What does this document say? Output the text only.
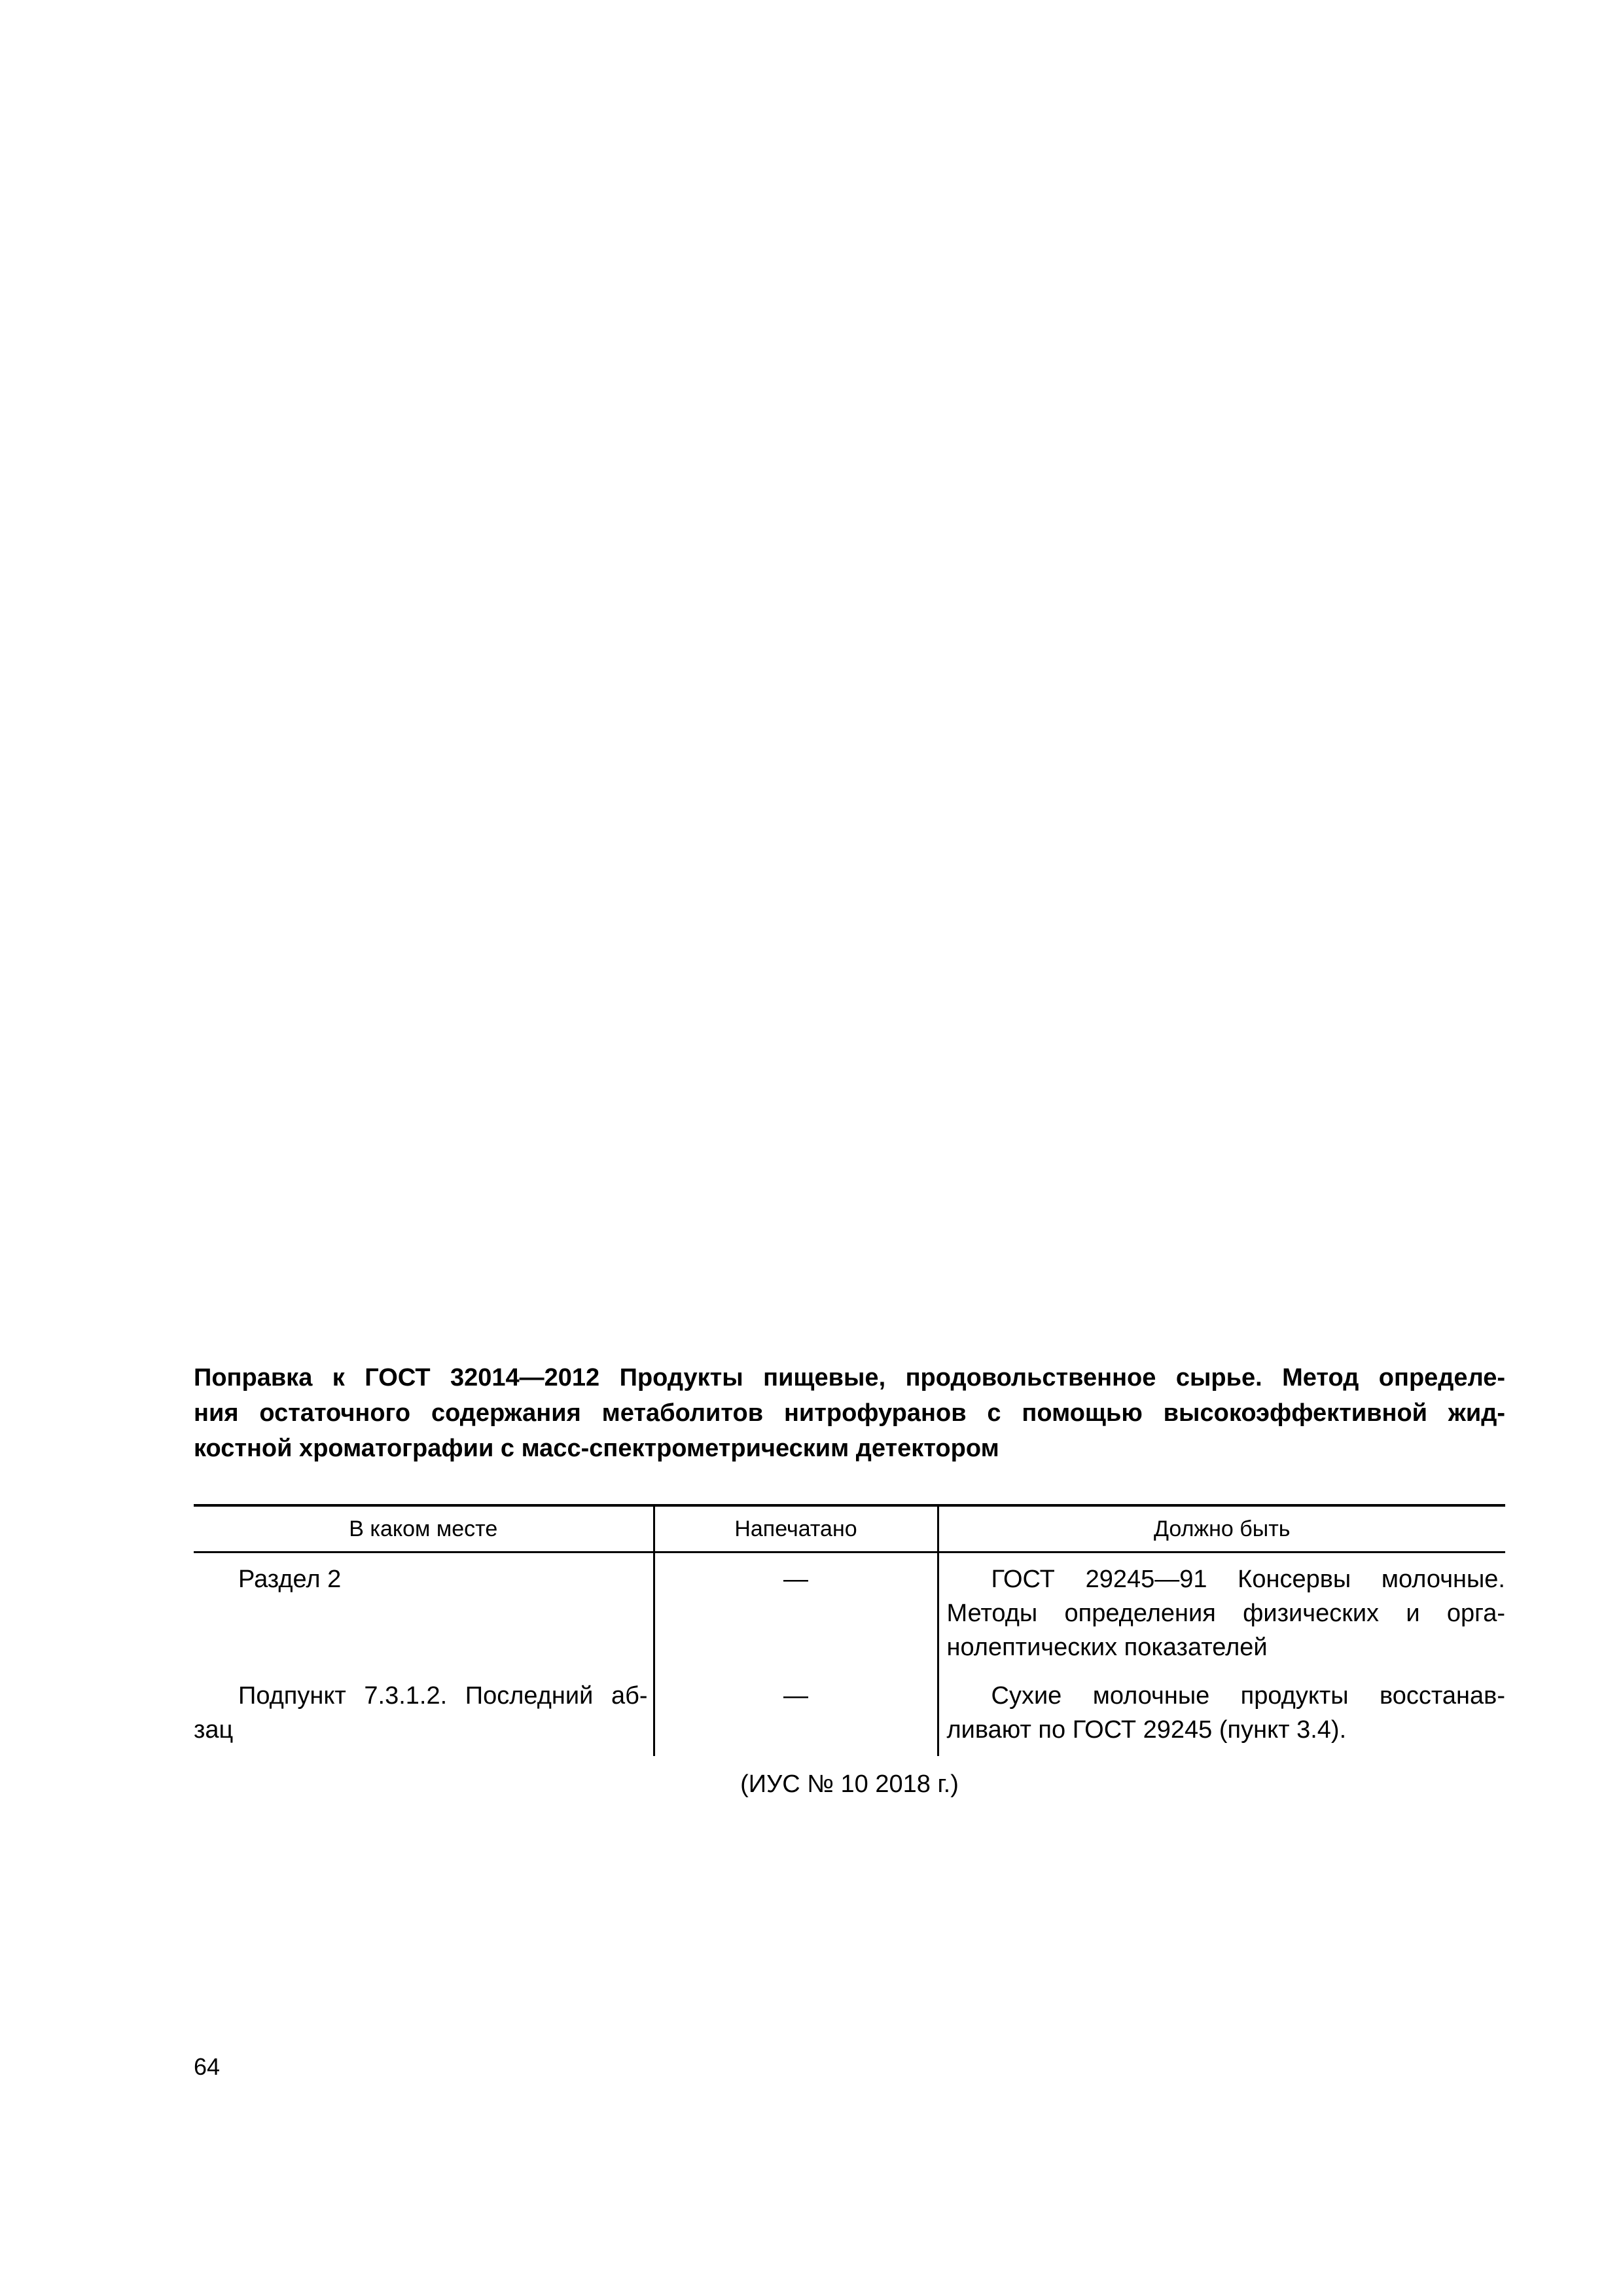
Поправка к ГОСТ 32014—2012 Продукты пищевые, продовольственное сырье. Метод определе-
ния остаточного содержания метаболитов нитрофуранов с помощью высокоэффективной жид-
костной хроматографии с масс-спектрометрическим детектором
В каком месте	Напечатано	Должно быть

Раздел 2	—	ГОСТ 29245—91 Консервы молочные.
Методы определения физических и орга-
нолептических показателей

Подпункт 7.3.1.2. Последний аб-
зац	—	Сухие молочные продукты восстанав-
ливают по ГОСТ 29245 (пункт 3.4).

(ИУС № 10 2018 г.)

64
